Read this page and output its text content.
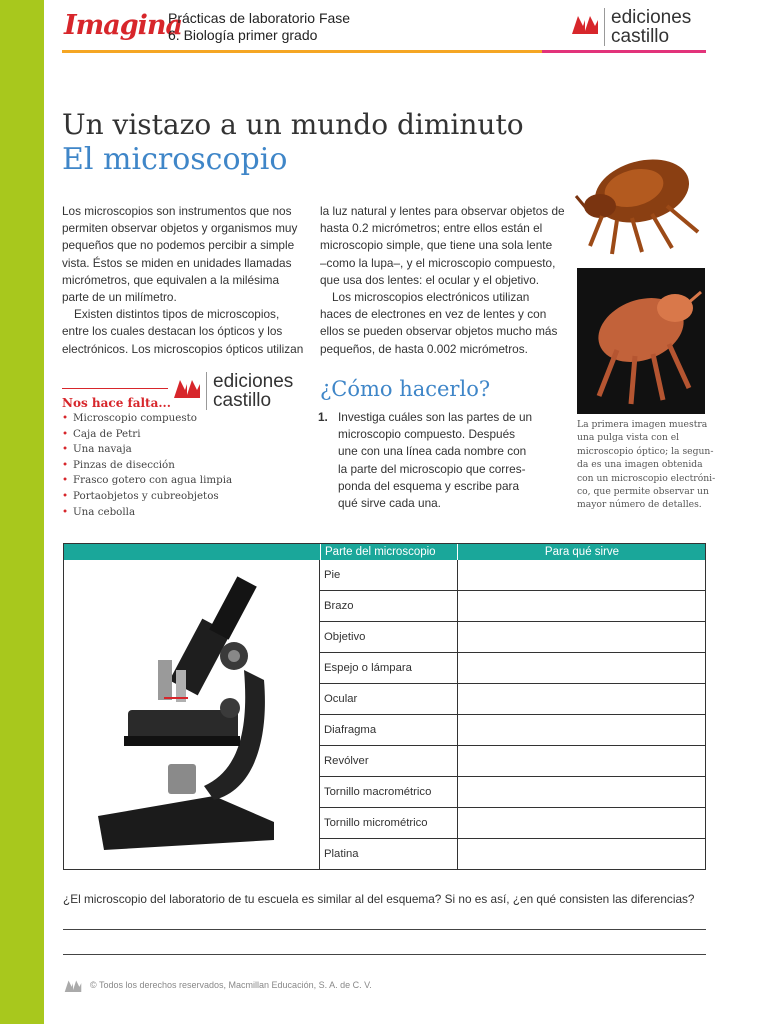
Imagina
Prácticas de laboratorio Fase
6. Biología primer grado
ediciones
castillo
Un vistazo a un mundo diminuto
El microscopio

Los microscopios son instrumentos que nos

permiten observar objetos y organismos muy

pequeños que no podemos percibir a simple

vista. Éstos se miden en unidades llamadas

micrómetros, que equivalen a la milésima

parte de un milímetro.

Existen distintos tipos de microscopios,

entre los cuales destacan los ópticos y los

electrónicos. Los microscopios ópticos utilizan

la luz natural y lentes para observar objetos de

hasta 0.2 micrómetros; entre ellos están el

microscopio simple, que tiene una sola lente

–como la lupa–, y el microscopio compuesto,

que usa dos lentes: el ocular y el objetivo.

Los microscopios electrónicos utilizan

haces de electrones en vez de lentes y con

ellos se pueden observar objetos mucho más

pequeños, de hasta 0.002 micrómetros.

Nos hace falta...
• Microscopio compuesto
• Caja de Petri
• Una navaja
• Pinzas de disección
• Frasco gotero con agua limpia
• Portaobjetos y cubreobjetos
• Una cebolla
ediciones
castillo	¿Cómo hacerlo?
1. Investiga cuáles son las partes de un
microscopio compuesto. Después
une con una línea cada nombre con
la parte del microscopio que corres-
ponda del esquema y escribe para
qué sirve cada una.
La primera imagen muestra
una pulga vista con el
microscopio óptico; la segun-
da es una imagen obtenida
con un microscopio electróni-
co, que permite observar un
mayor número de detalles.
Parte del microscopio	Para qué sirve
Pie
Brazo
Objetivo
Espejo o lámpara
Ocular
Diafragma
Revólver
Tornillo macrométrico
Tornillo micrométrico
Platina
¿El microscopio del laboratorio de tu escuela es similar al del esquema? Si no es así, ¿en qué consisten las diferencias?
© Todos los derechos reservados, Macmillan Educación, S. A. de C. V.
